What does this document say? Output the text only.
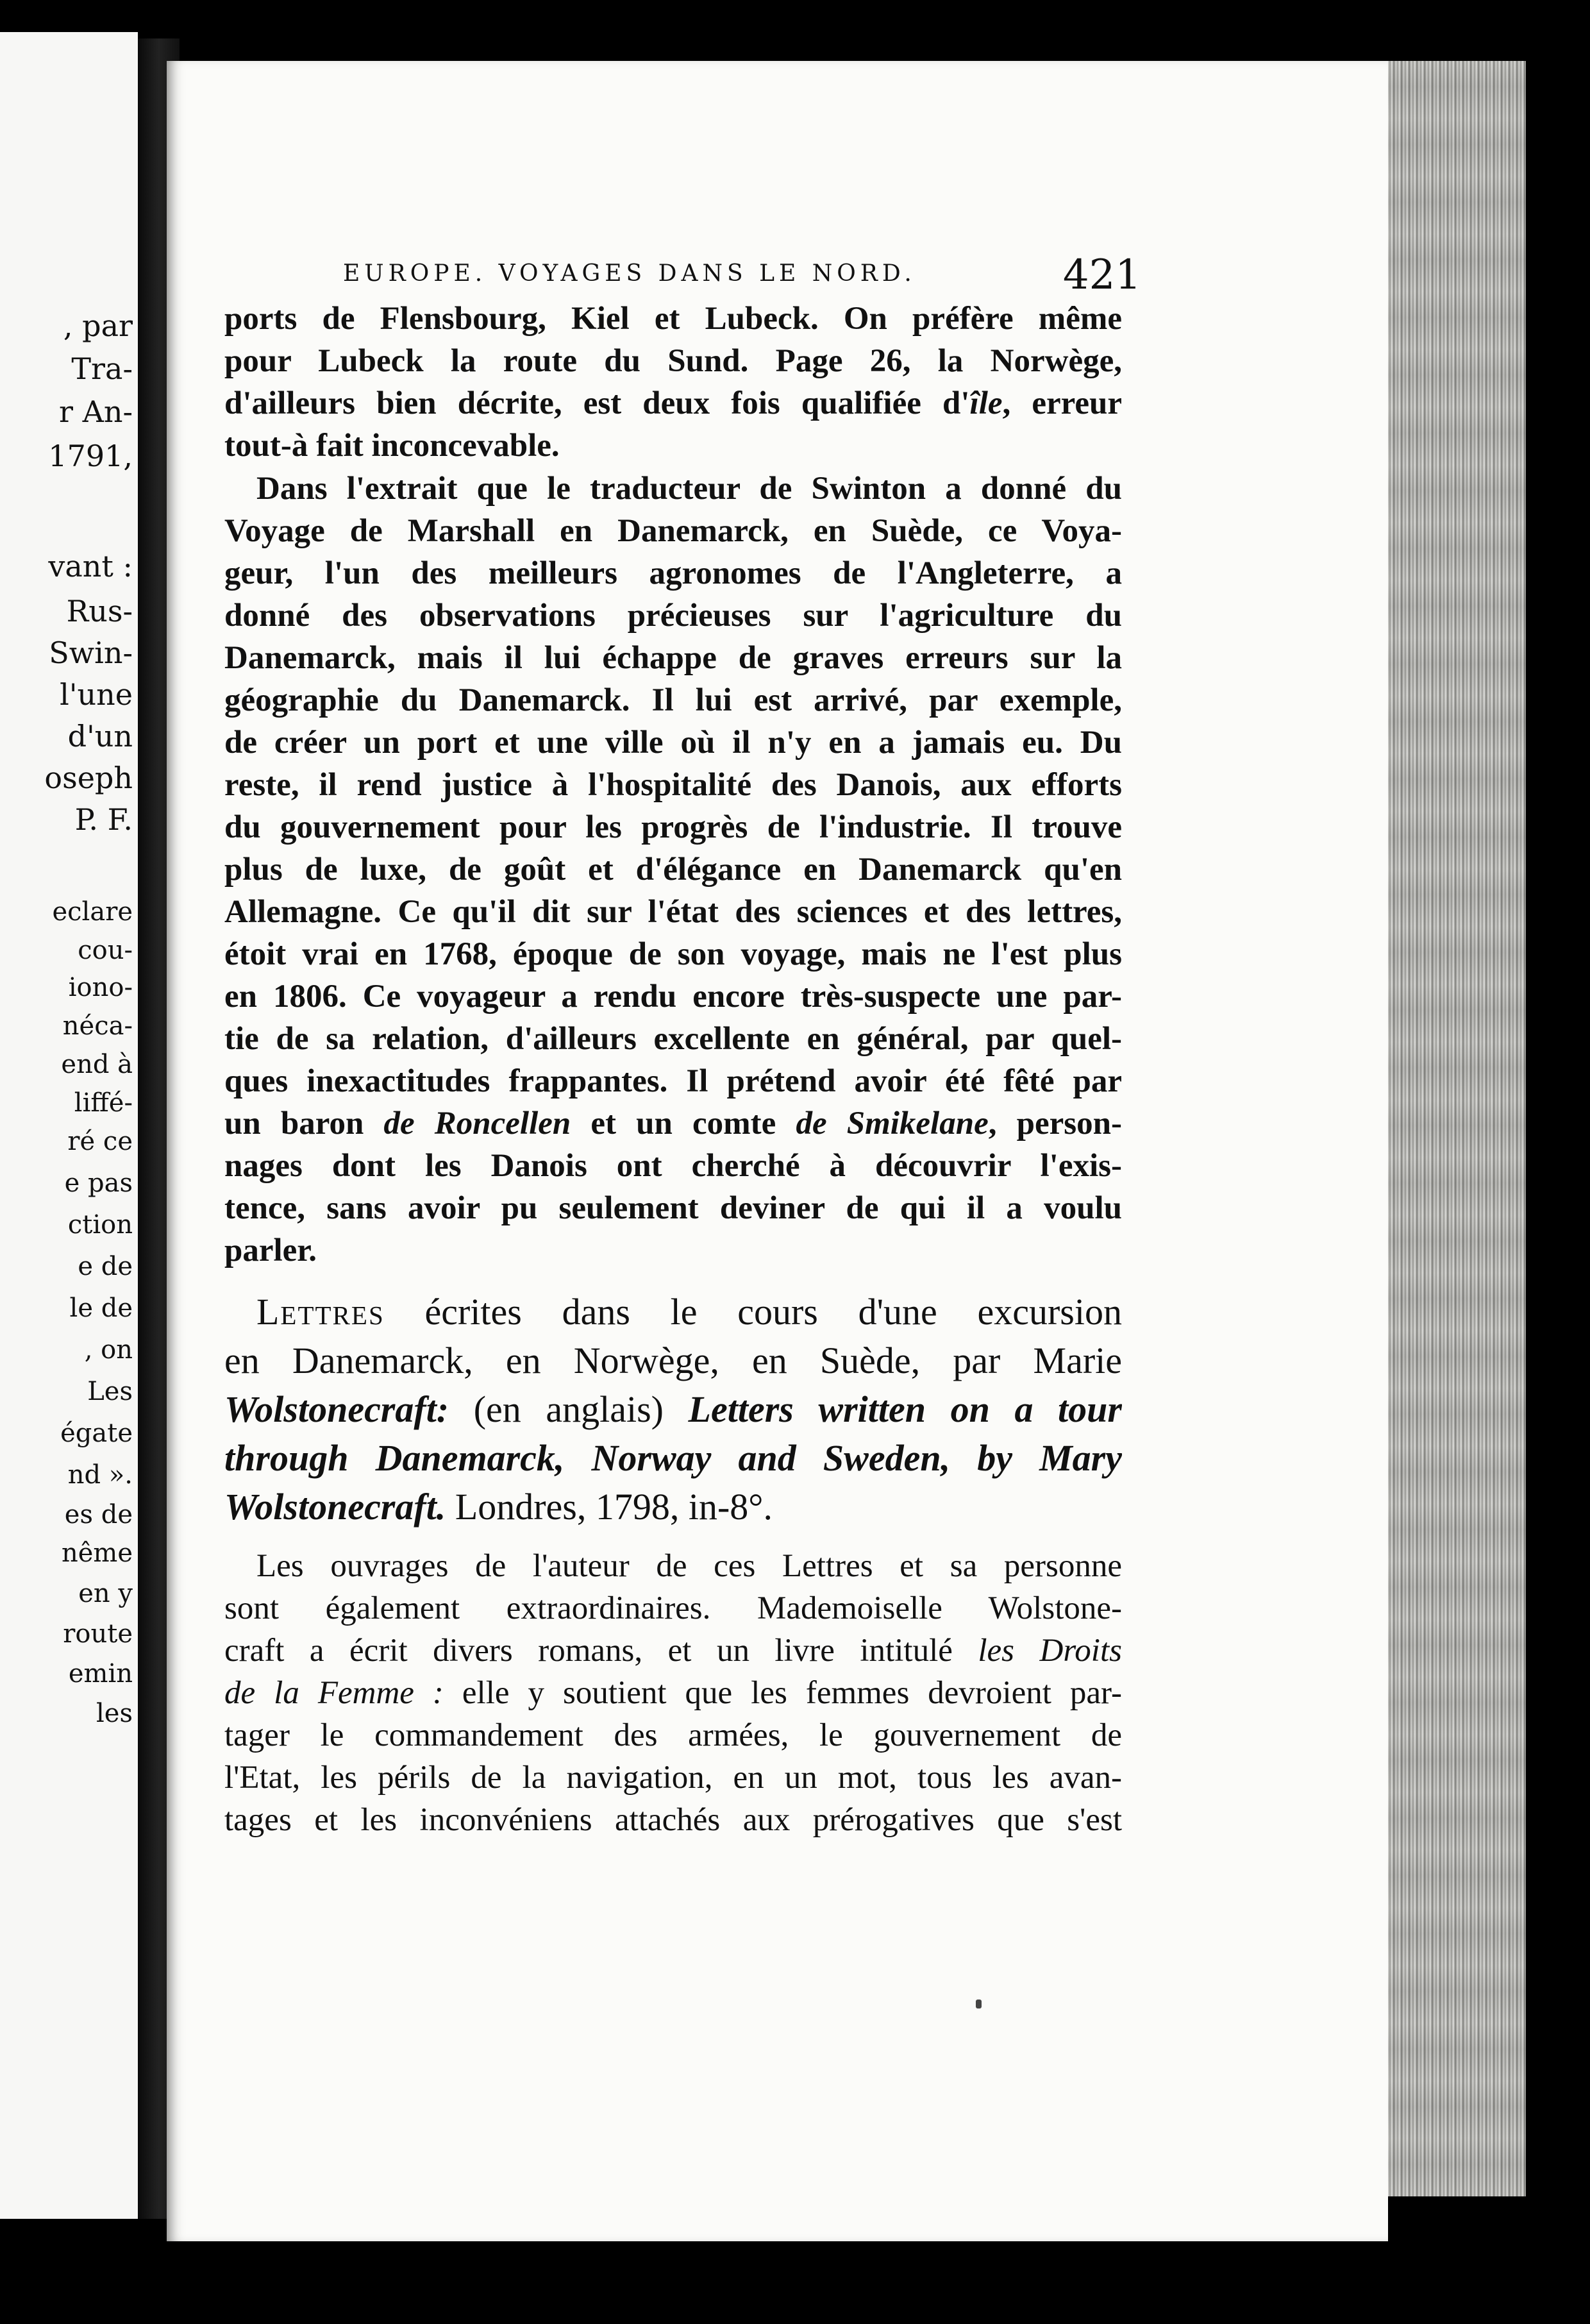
, par
Tra-
r An-
1791,
vant :
Rus-
Swin-
l'une
d'un
oseph
P. F.
eclare
cou-
iono-
néca-
end à
liffé-
ré ce
e pas
ction
e de
le de
, on
Les
égate
nd ».
es de
nême
en y
route
emin
les
EUROPE. VOYAGES DANS LE NORD.	421
ports de Flensbourg, Kiel et Lubeck. On préfère même
pour Lubeck la route du Sund. Page 26, la Norwège,
d'ailleurs bien décrite, est deux fois qualifiée d'île, erreur
tout-à fait inconcevable.
Dans l'extrait que le traducteur de Swinton a donné du
Voyage de Marshall en Danemarck, en Suède, ce Voya-
geur, l'un des meilleurs agronomes de l'Angleterre, a
donné des observations précieuses sur l'agriculture du
Danemarck, mais il lui échappe de graves erreurs sur la
géographie du Danemarck. Il lui est arrivé, par exemple,
de créer un port et une ville où il n'y en a jamais eu. Du
reste, il rend justice à l'hospitalité des Danois, aux efforts
du gouvernement pour les progrès de l'industrie. Il trouve
plus de luxe, de goût et d'élégance en Danemarck qu'en
Allemagne. Ce qu'il dit sur l'état des sciences et des lettres,
étoit vrai en 1768, époque de son voyage, mais ne l'est plus
en 1806. Ce voyageur a rendu encore très-suspecte une par-
tie de sa relation, d'ailleurs excellente en général, par quel-
ques inexactitudes frappantes. Il prétend avoir été fêté par
un baron de Roncellen et un comte de Smikelane, person-
nages dont les Danois ont cherché à découvrir l'exis-
tence, sans avoir pu seulement deviner de qui il a voulu
parler.
Lettres écrites dans le cours d'une excursion
en Danemarck, en Norwège, en Suède, par Marie
Wolstonecraft: (en anglais) Letters written on a tour
through Danemarck, Norway and Sweden, by Mary
Wolstonecraft. Londres, 1798, in-8°.
Les ouvrages de l'auteur de ces Lettres et sa personne
sont également extraordinaires. Mademoiselle Wolstone-
craft a écrit divers romans, et un livre intitulé les Droits
de la Femme : elle y soutient que les femmes devroient par-
tager le commandement des armées, le gouvernement de
l'Etat, les périls de la navigation, en un mot, tous les avan-
tages et les inconvéniens attachés aux prérogatives que s'est
